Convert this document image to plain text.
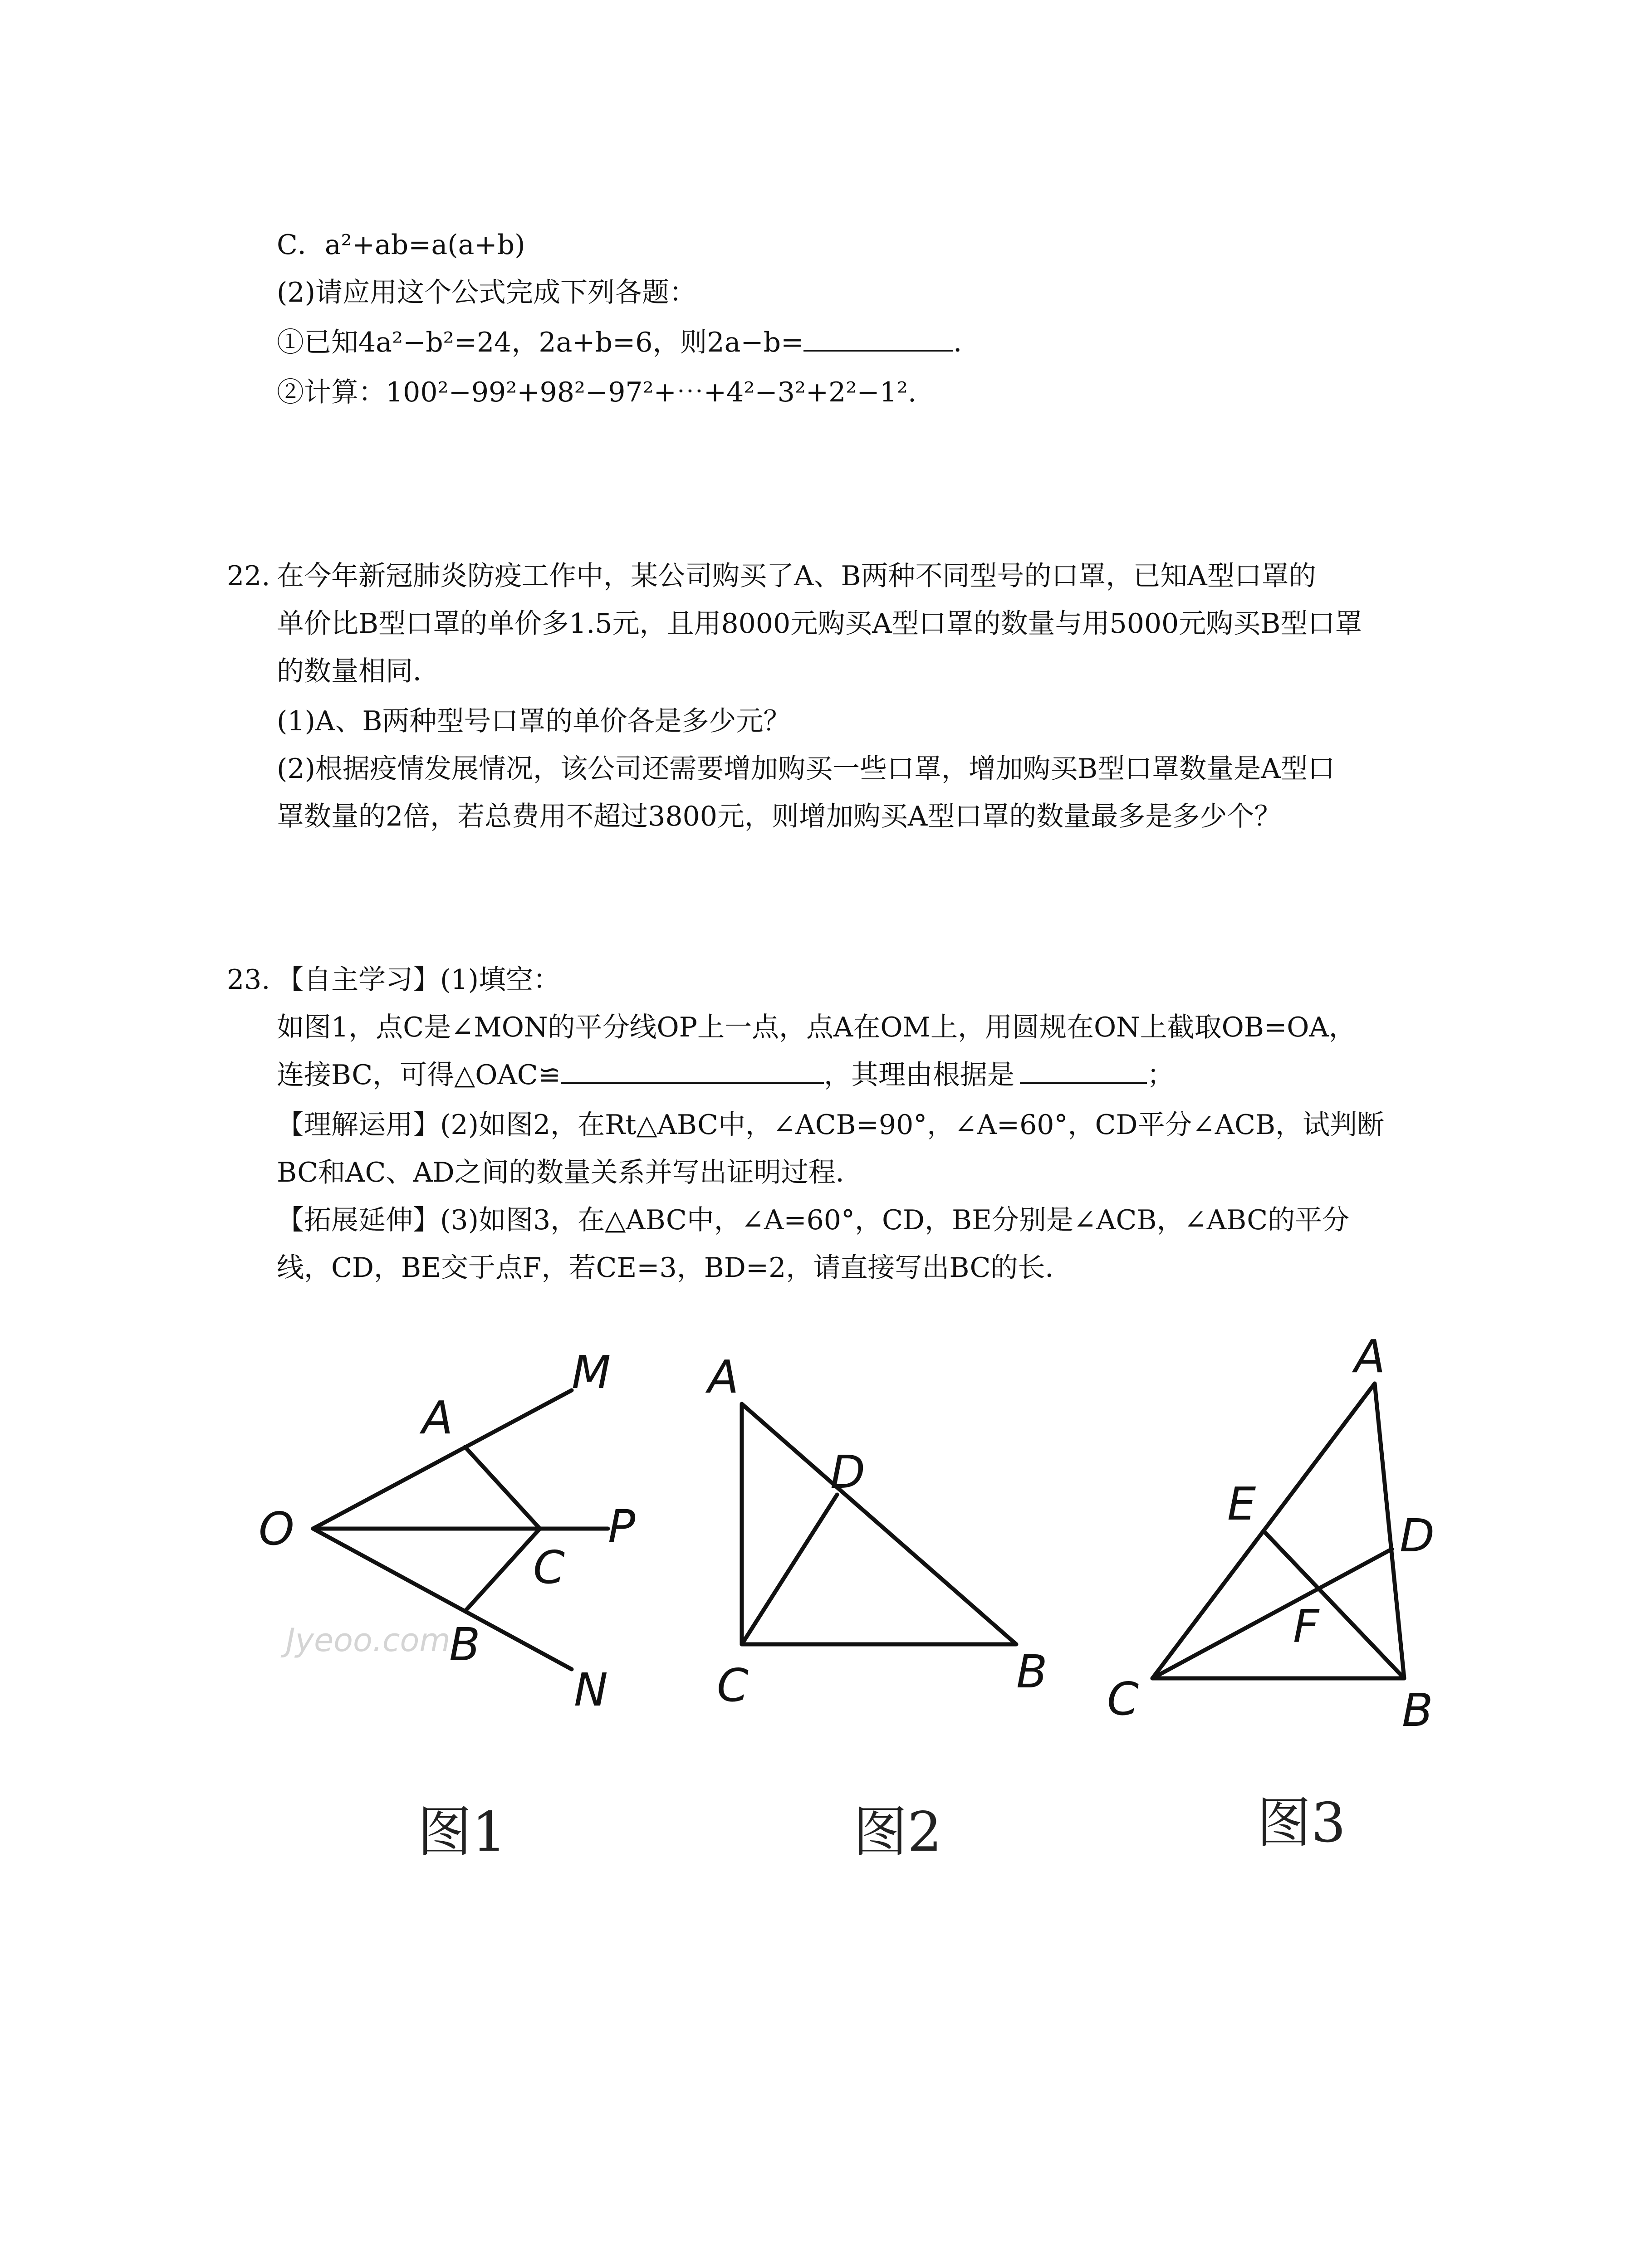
C．a²+ab=a(a+b)
(2)请应用这个公式完成下列各题：
①已知4a²−b²=24，2a+b=6，则2a−b=	．
②计算：100²−99²+98²−97²+⋯+4²−3²+2²−1².
22. 在今年新冠肺炎防疫工作中，某公司购买了A、B两种不同型号的口罩，已知A型口罩的
单价比B型口罩的单价多1.5元，且用8000元购买A型口罩的数量与用5000元购买B型口罩
的数量相同．
(1)A、B两种型号口罩的单价各是多少元？
(2)根据疫情发展情况，该公司还需要增加购买一些口罩，增加购买B型口罩数量是A型口
罩数量的2倍，若总费用不超过3800元，则增加购买A型口罩的数量最多是多少个？
23. 【自主学习】(1)填空：
如图1，点C是∠MON的平分线OP上一点，点A在OM上，用圆规在ON上截取OB=OA，
连接BC，可得△OAC≌	，其理由根据是	；
【理解运用】(2)如图2，在Rt△ABC中，∠ACB=90°，∠A=60°，CD平分∠ACB，试判断
BC和AC、AD之间的数量关系并写出证明过程．
【拓展延伸】(3)如图3，在△ABC中，∠A=60°，CD，BE分别是∠ACB，∠ABC的平分
线，CD，BE交于点F，若CE=3，BD=2，请直接写出BC的长．
Jyeoo.com
O
A
M
P
C
B
N
图1
A
D
C	B
图2
A
E
D
F
C	B
图3
